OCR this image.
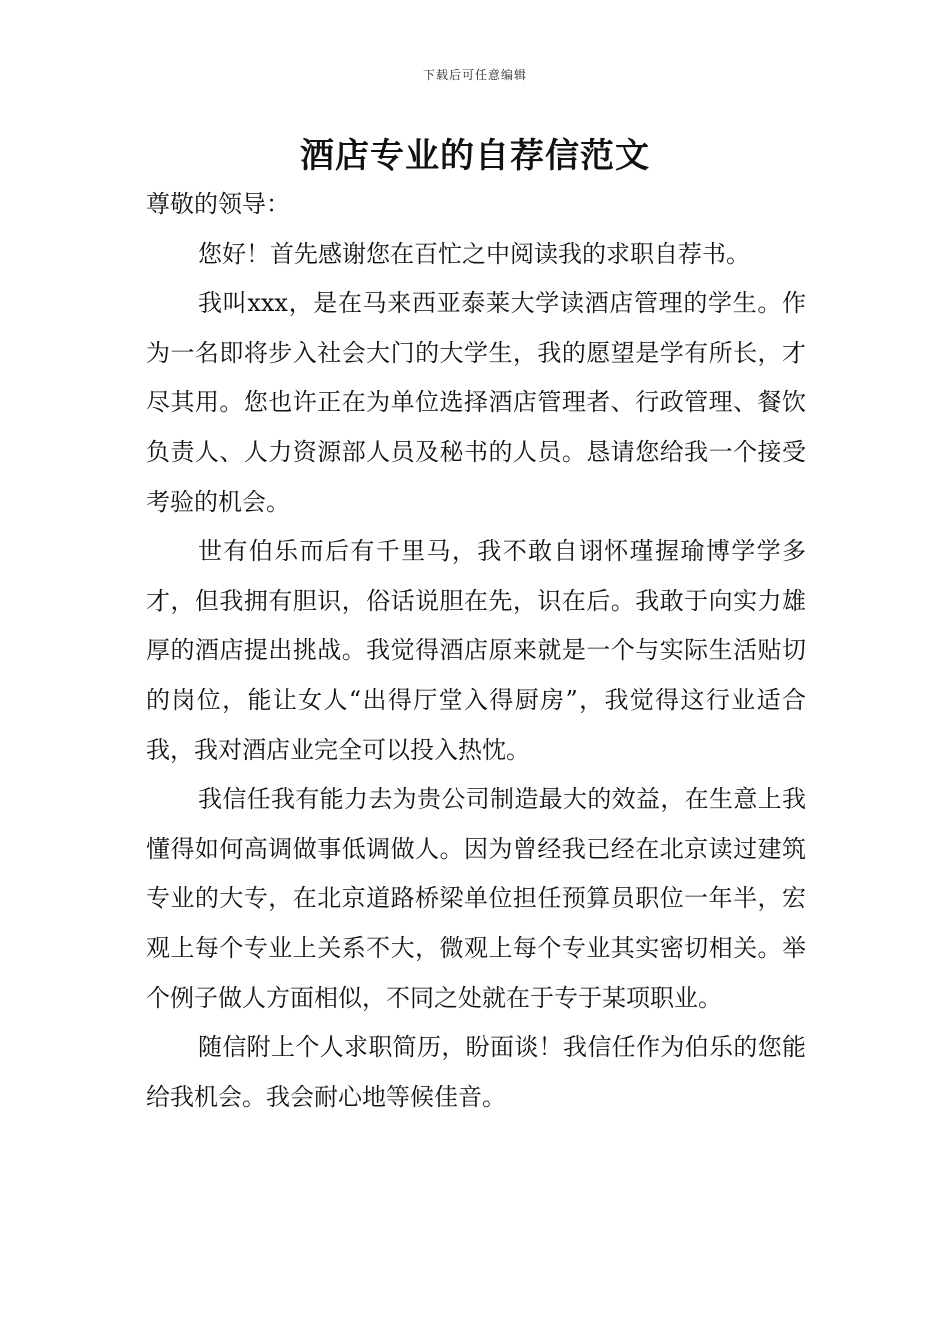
下载后可任意编辑
酒店专业的自荐信范文

尊敬的领导：

您好！首先感谢您在百忙之中阅读我的求职自荐书。

我叫xxx，是在马来西亚泰莱大学读酒店管理的学生。作为一名即将步入社会大门的大学生，我的愿望是学有所长，才尽其用。您也许正在为单位选择酒店管理者、行政管理、餐饮负责人、人力资源部人员及秘书的人员。恳请您给我一个接受考验的机会。

世有伯乐而后有千里马，我不敢自诩怀瑾握瑜博学学多才，但我拥有胆识，俗话说胆在先，识在后。我敢于向实力雄厚的酒店提出挑战。我觉得酒店原来就是一个与实际生活贴切的岗位，能让女人“出得厅堂入得厨房”，我觉得这行业适合我，我对酒店业完全可以投入热忱。

我信任我有能力去为贵公司制造最大的效益，在生意上我懂得如何高调做事低调做人。因为曾经我已经在北京读过建筑专业的大专，在北京道路桥梁单位担任预算员职位一年半，宏观上每个专业上关系不大，微观上每个专业其实密切相关。举个例子做人方面相似，不同之处就在于专于某项职业。

随信附上个人求职简历，盼面谈！我信任作为伯乐的您能给我机会。我会耐心地等候佳音。
